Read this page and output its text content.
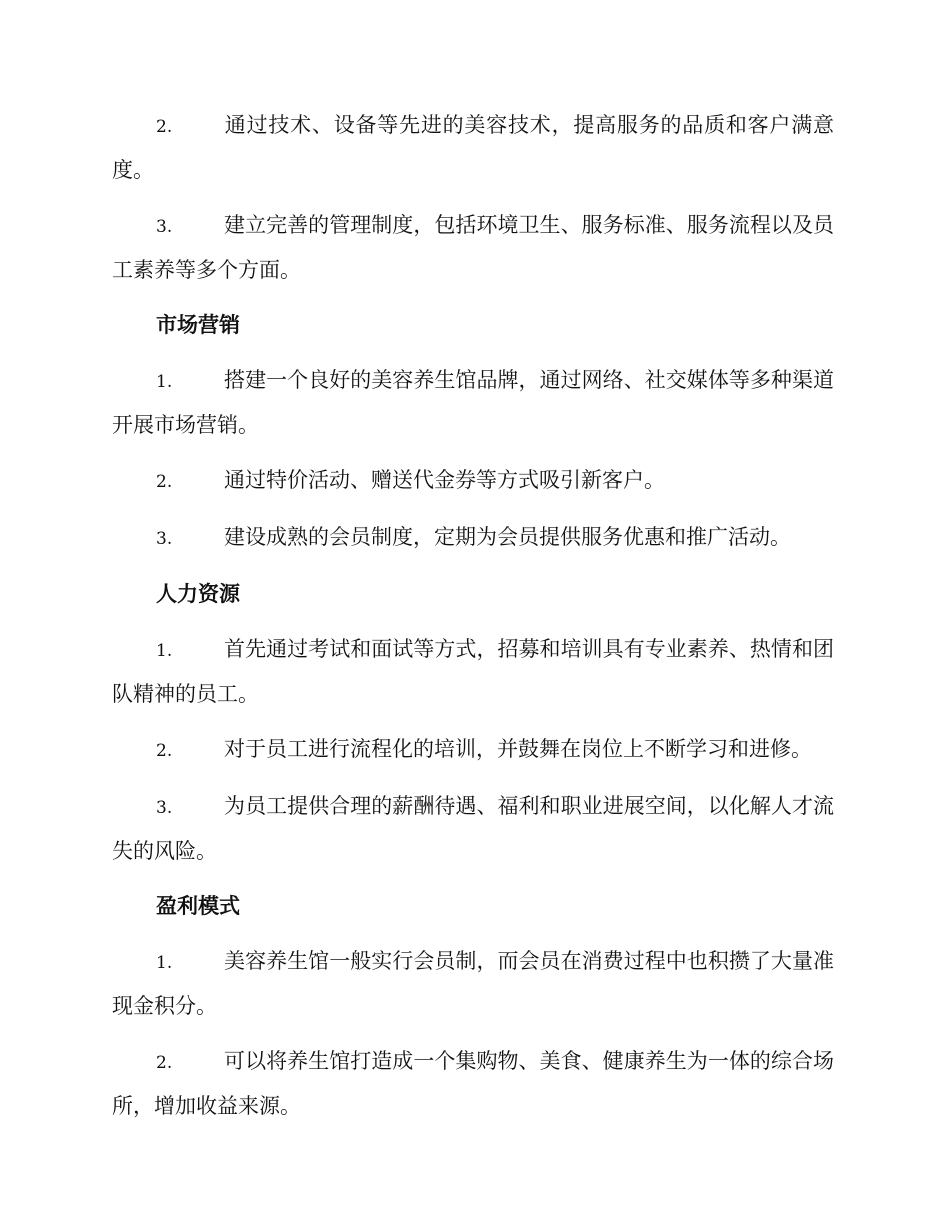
2. 通过技术、设备等先进的美容技术，提高服务的品质和客户满意度。

3. 建立完善的管理制度，包括环境卫生、服务标准、服务流程以及员工素养等多个方面。

市场营销

1. 搭建一个良好的美容养生馆品牌，通过网络、社交媒体等多种渠道开展市场营销。

2. 通过特价活动、赠送代金券等方式吸引新客户。

3. 建设成熟的会员制度，定期为会员提供服务优惠和推广活动。

人力资源

1. 首先通过考试和面试等方式，招募和培训具有专业素养、热情和团队精神的员工。

2. 对于员工进行流程化的培训，并鼓舞在岗位上不断学习和进修。

3. 为员工提供合理的薪酬待遇、福利和职业进展空间，以化解人才流失的风险。

盈利模式

1. 美容养生馆一般实行会员制，而会员在消费过程中也积攒了大量准现金积分。

2. 可以将养生馆打造成一个集购物、美食、健康养生为一体的综合场所，增加收益来源。
